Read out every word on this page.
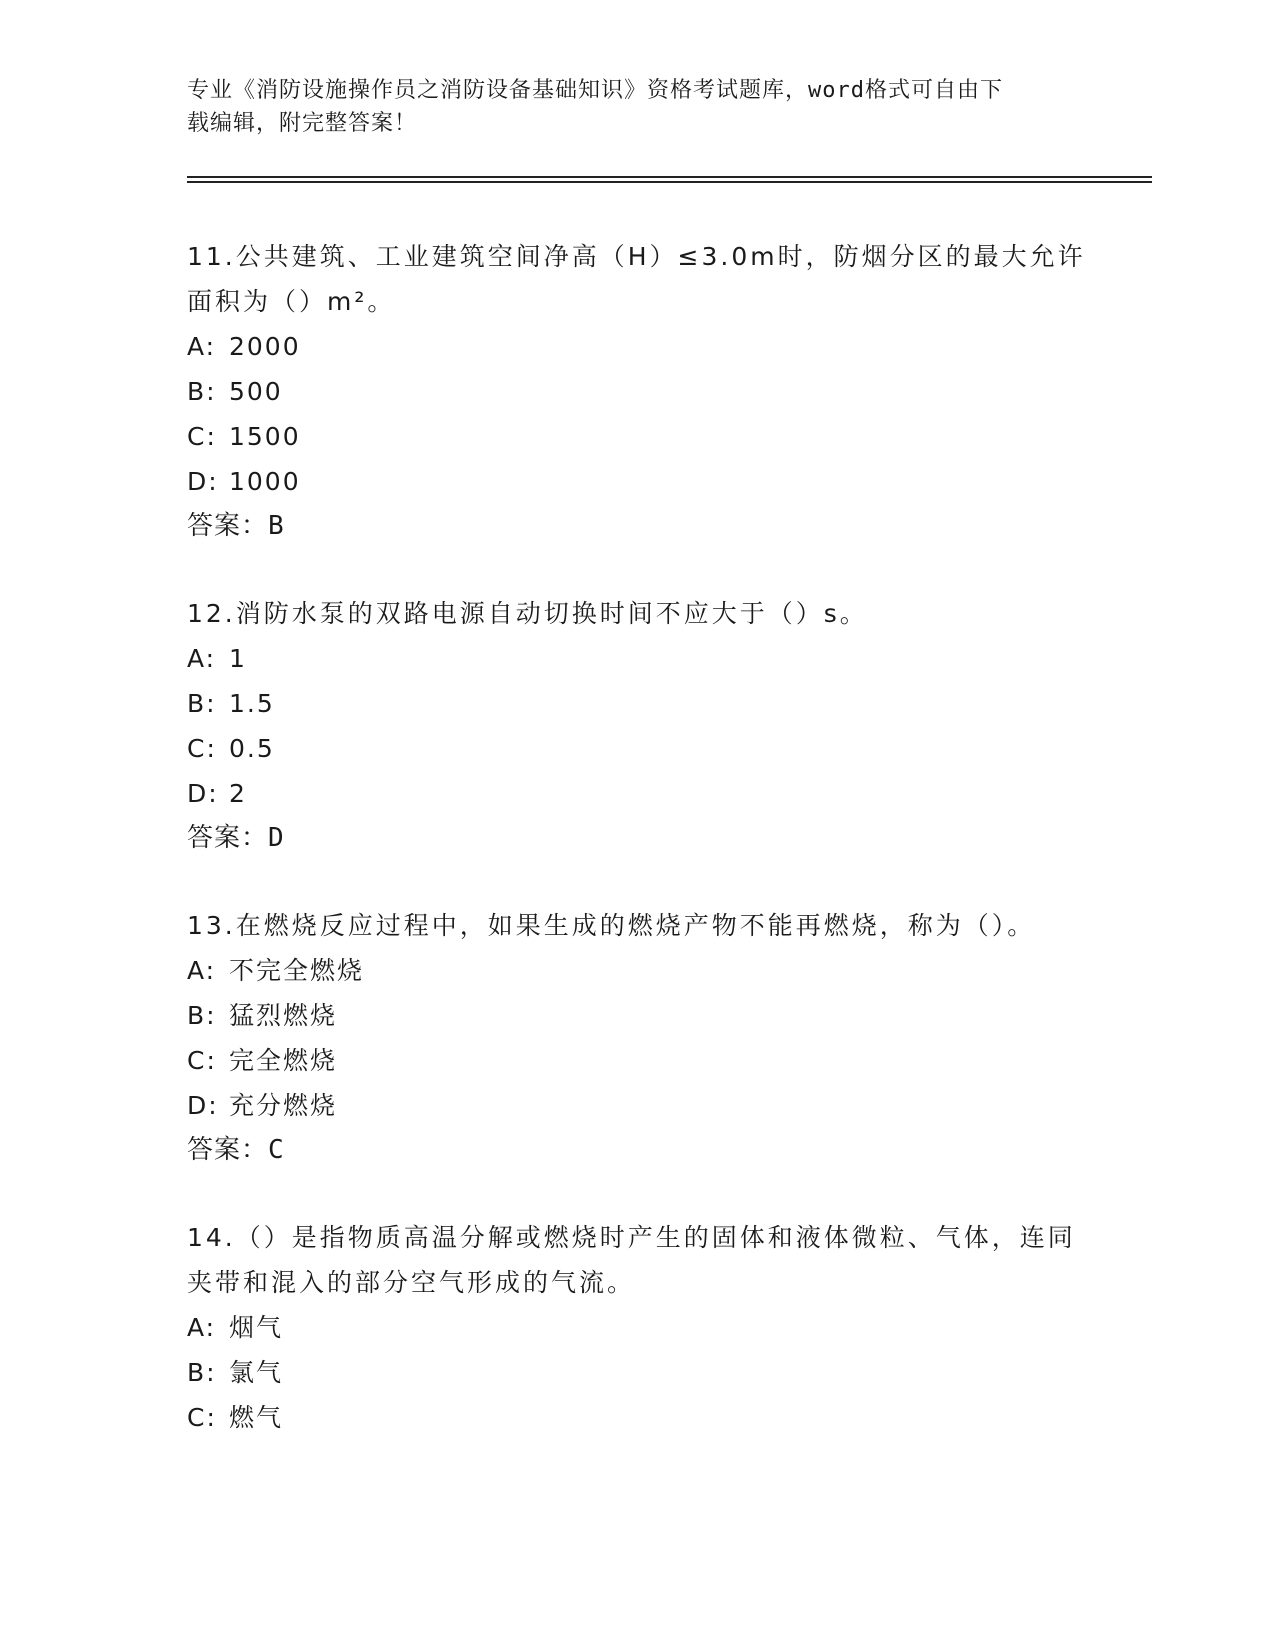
专业《消防设施操作员之消防设备基础知识》资格考试题库，word格式可自由下
载编辑，附完整答案！

11.公共建筑、工业建筑空间净高（H）≤3.0m时，防烟分区的最大允许面积为（）m²。

A: 2000
B: 500
C: 1500
D: 1000

答案：B

12.消防水泵的双路电源自动切换时间不应大于（）s。

A: 1
B: 1.5
C: 0.5
D: 2

答案：D

13.在燃烧反应过程中，如果生成的燃烧产物不能再燃烧，称为（）。

A: 不完全燃烧
B: 猛烈燃烧
C: 完全燃烧
D: 充分燃烧

答案：C

14.（）是指物质高温分解或燃烧时产生的固体和液体微粒、气体，连同夹带和混入的部分空气形成的气流。

A: 烟气
B: 氯气
C: 燃气
